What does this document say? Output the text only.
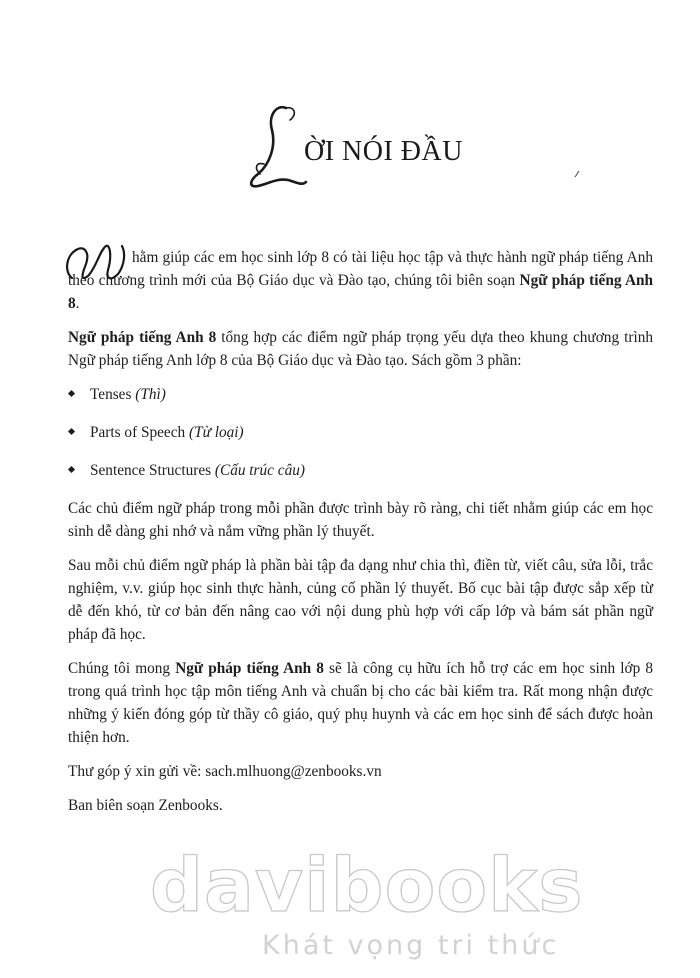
ỜI NÓI ĐẦU

hằm giúp các em học sinh lớp 8 có tài liệu học tập và thực hành ngữ pháp tiếng Anh theo chương trình mới của Bộ Giáo dục và Đào tạo, chúng tôi biên soạn Ngữ pháp tiếng Anh 8.

Ngữ pháp tiếng Anh 8 tổng hợp các điểm ngữ pháp trọng yếu dựa theo khung chương trình Ngữ pháp tiếng Anh lớp 8 của Bộ Giáo dục và Đào tạo. Sách gồm 3 phần:

Tenses (Thì)
Parts of Speech (Từ loại)
Sentence Structures (Cấu trúc câu)

Các chủ điểm ngữ pháp trong mỗi phần được trình bày rõ ràng, chi tiết nhằm giúp các em học sinh dễ dàng ghi nhớ và nắm vững phần lý thuyết.

Sau mỗi chủ điểm ngữ pháp là phần bài tập đa dạng như chia thì, điền từ, viết câu, sửa lỗi, trắc nghiệm, v.v. giúp học sinh thực hành, củng cố phần lý thuyết. Bố cục bài tập được sắp xếp từ dễ đến khó, từ cơ bản đến nâng cao với nội dung phù hợp với cấp lớp và bám sát phần ngữ pháp đã học.

Chúng tôi mong Ngữ pháp tiếng Anh 8 sẽ là công cụ hữu ích hỗ trợ các em học sinh lớp 8 trong quá trình học tập môn tiếng Anh và chuẩn bị cho các bài kiểm tra. Rất mong nhận được những ý kiến đóng góp từ thầy cô giáo, quý phụ huynh và các em học sinh để sách được hoàn thiện hơn.

Thư góp ý xin gửi về: sach.mlhuong@zenbooks.vn

Ban biên soạn Zenbooks.

davibooks
Khát vọng tri thức
